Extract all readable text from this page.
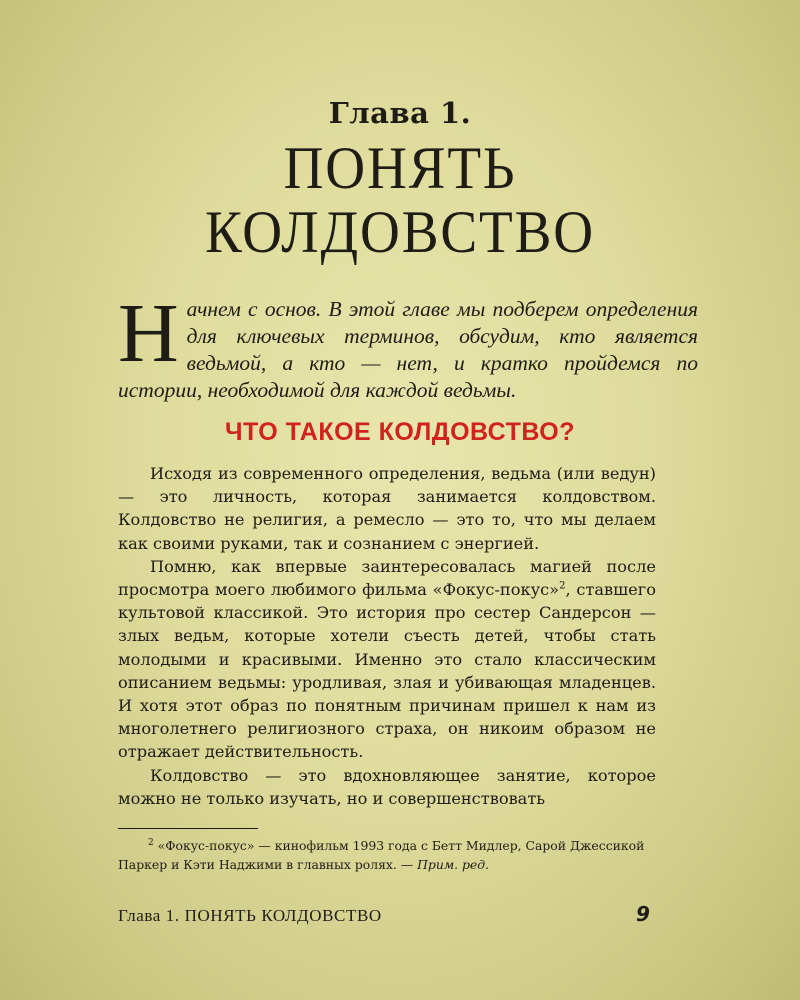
Глава 1.
ПОНЯТЬ
КОЛДОВСТВО
Начнем с основ. В этой главе мы подберем определения для ключевых терминов, обсудим, кто является ведьмой, а кто — нет, и кратко пройдемся по истории, необходимой для каждой ведьмы.
ЧТО ТАКОЕ КОЛДОВСТВО?

Исходя из современного определения, ведьма (или ведун) — это личность, которая занимается колдовством. Колдовство не религия, а ремесло — это то, что мы делаем как своими руками, так и сознанием с энергией.

Помню, как впервые заинтересовалась магией после просмотра моего любимого фильма «Фокус-покус»$^2$, ставшего культовой классикой. Это история про сестер Сандерсон — злых ведьм, которые хотели съесть детей, чтобы стать молодыми и красивыми. Именно это стало классическим описанием ведьмы: уродливая, злая и убивающая младенцев. И хотя этот образ по понятным причинам пришел к нам из многолетнего религиозного страха, он никоим образом не отражает действительность.

Колдовство — это вдохновляющее занятие, которое можно не только изучать, но и совершенствовать

$^2$ «Фокус-покус» — кинофильм 1993 года с Бетт Мидлер, Сарой Джессикой Паркер и Кэти Наджими в главных ролях. — Прим. ред.
Глава 1. ПОНЯТЬ КОЛДОВСТВО	9
